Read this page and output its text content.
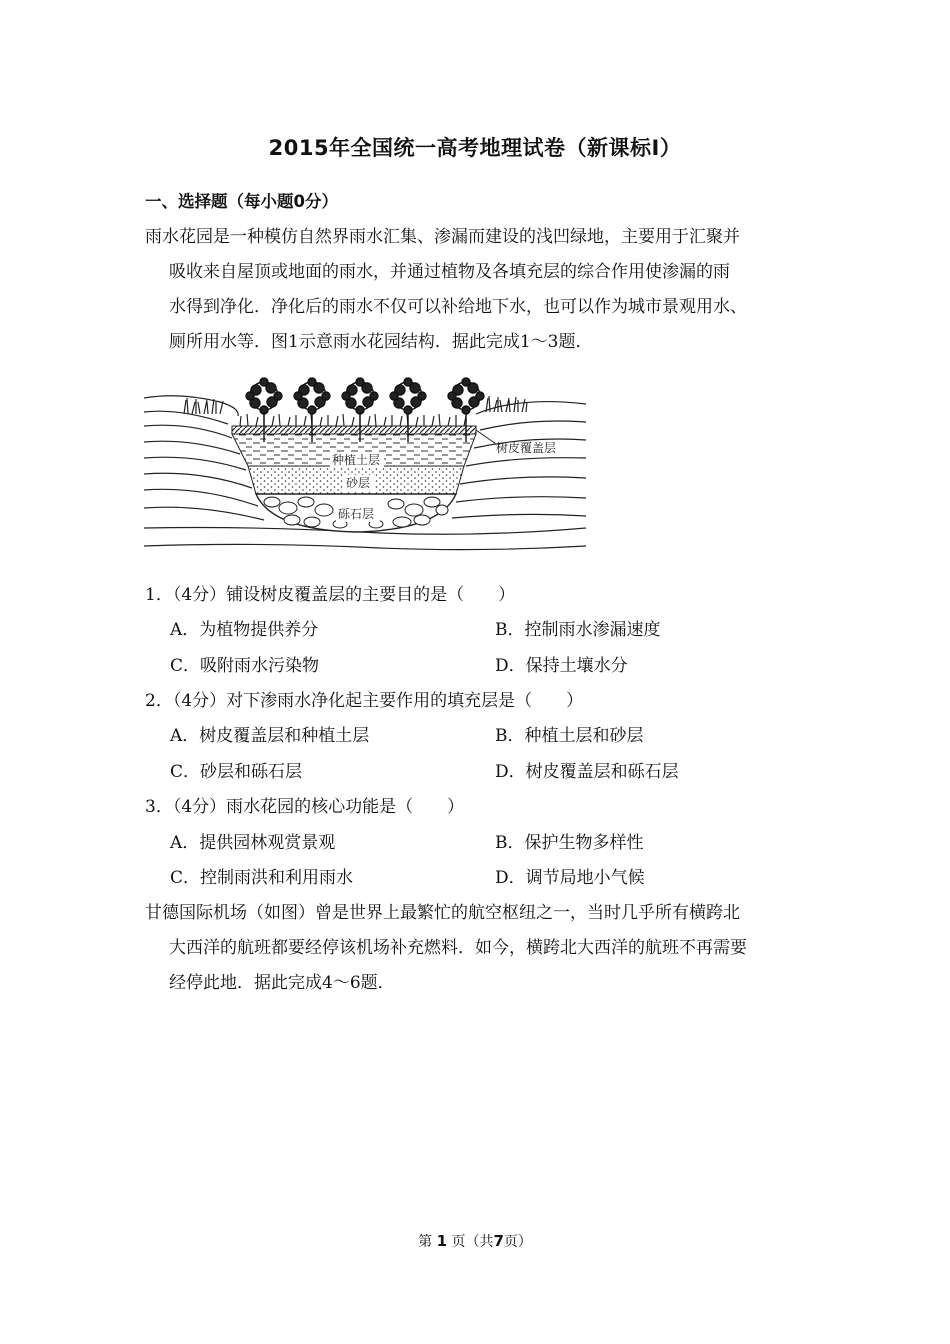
2015年全国统一高考地理试卷（新课标Ⅰ）
一、选择题（每小题0分）
雨水花园是一种模仿自然界雨水汇集、渗漏而建设的浅凹绿地，主要用于汇聚并
吸收来自屋顶或地面的雨水，并通过植物及各填充层的综合作用使渗漏的雨
水得到净化．净化后的雨水不仅可以补给地下水，也可以作为城市景观用水、
厕所用水等．图1示意雨水花园结构．据此完成1～3题．
树皮覆盖层
种植土层
砂层
砾石层
1．（4分）铺设树皮覆盖层的主要目的是（　　）
A．为植物提供养分	B．控制雨水渗漏速度
C．吸附雨水污染物	D．保持土壤水分
2．（4分）对下渗雨水净化起主要作用的填充层是（　　）
A．树皮覆盖层和种植土层	B．种植土层和砂层
C．砂层和砾石层	D．树皮覆盖层和砾石层
3．（4分）雨水花园的核心功能是（　　）
A．提供园林观赏景观	B．保护生物多样性
C．控制雨洪和利用雨水	D．调节局地小气候
甘德国际机场（如图）曾是世界上最繁忙的航空枢纽之一，当时几乎所有横跨北
大西洋的航班都要经停该机场补充燃料．如今，横跨北大西洋的航班不再需要
经停此地．据此完成4～6题．
第 1 页（共7页）
